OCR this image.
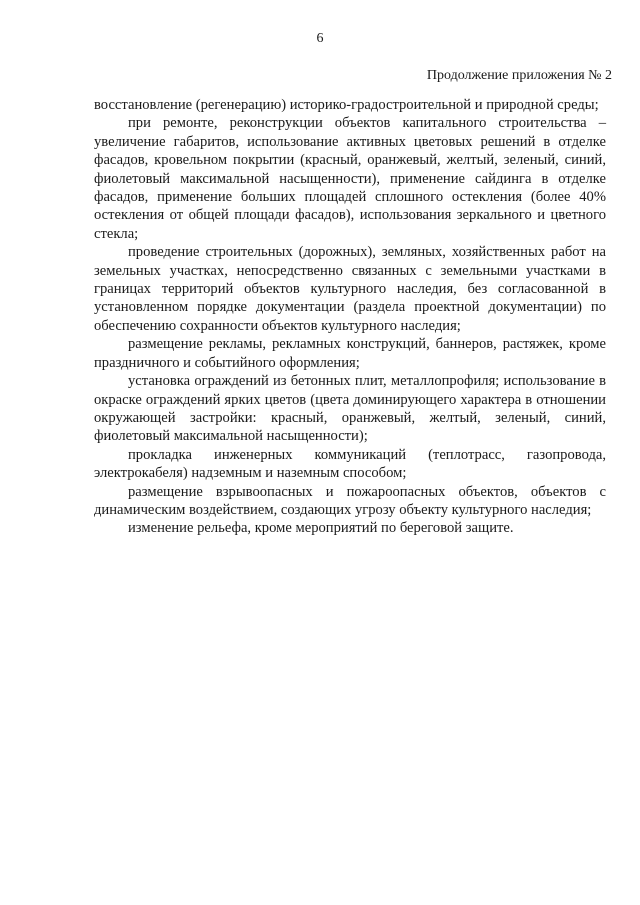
6
Продолжение приложения № 2

восстановление (регенерацию) историко-градостроительной и природной среды;

при ремонте, реконструкции объектов капитального строительства – увеличение габаритов, использование активных цветовых решений в отделке фасадов, кровельном покрытии (красный, оранжевый, желтый, зеленый, синий, фиолетовый максимальной насыщенности), применение сайдинга в отделке фасадов, применение больших площадей сплошного остекления (более 40% остекления от общей площади фасадов), использования зеркального и цветного стекла;

проведение строительных (дорожных), земляных, хозяйственных работ на земельных участках, непосредственно связанных с земельными участками в границах территорий объектов культурного наследия, без согласованной в установленном порядке документации (раздела проектной документации) по обеспечению сохранности объектов культурного наследия;

размещение рекламы, рекламных конструкций, баннеров, растяжек, кроме праздничного и событийного оформления;

установка ограждений из бетонных плит, металлопрофиля; использование в окраске ограждений ярких цветов (цвета доминирующего характера в отношении окружающей застройки: красный, оранжевый, желтый, зеленый, синий, фиолетовый максимальной насыщенности);

прокладка инженерных коммуникаций (теплотрасс, газопровода, электрокабеля) надземным и наземным способом;

размещение взрывоопасных и пожароопасных объектов, объектов с динамическим воздействием, создающих угрозу объекту культурного наследия;

изменение рельефа, кроме мероприятий по береговой защите.
